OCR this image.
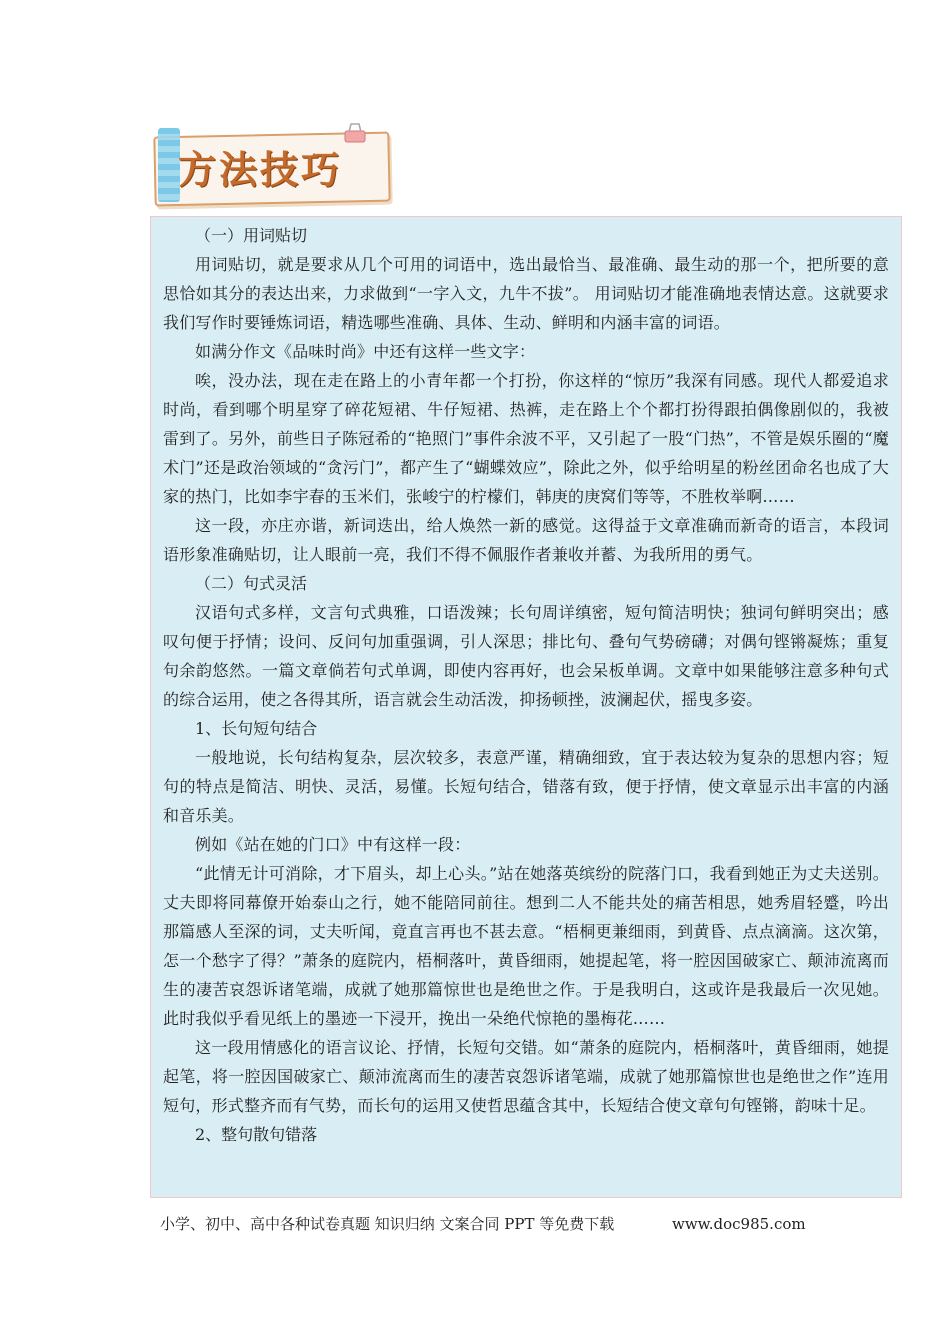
方法技巧

（一）用词贴切

用词贴切，就是要求从几个可用的词语中，选出最恰当、最准确、最生动的那一个，把所要的意思恰如其分的表达出来，力求做到“一字入文，九牛不拔”。 用词贴切才能准确地表情达意。这就要求我们写作时要锤炼词语，精选哪些准确、具体、生动、鲜明和内涵丰富的词语。

如满分作文《品味时尚》中还有这样一些文字：

唉，没办法，现在走在路上的小青年都一个打扮，你这样的“惊历”我深有同感。现代人都爱追求时尚，看到哪个明星穿了碎花短裙、牛仔短裙、热裤，走在路上个个都打扮得跟拍偶像剧似的，我被雷到了。另外，前些日子陈冠希的“艳照门”事件余波不平，又引起了一股“门热”，不管是娱乐圈的“魔术门”还是政治领域的“贪污门”，都产生了“蝴蝶效应”，除此之外，似乎给明星的粉丝团命名也成了大家的热门，比如李宇春的玉米们，张峻宁的柠檬们，韩庚的庚窝们等等，不胜枚举啊……

这一段，亦庄亦谐，新词迭出，给人焕然一新的感觉。这得益于文章准确而新奇的语言，本段词语形象准确贴切，让人眼前一亮，我们不得不佩服作者兼收并蓄、为我所用的勇气。

（二）句式灵活

汉语句式多样，文言句式典雅，口语泼辣；长句周详缜密，短句简洁明快；独词句鲜明突出；感叹句便于抒情；设问、反问句加重强调，引人深思；排比句、叠句气势磅礴；对偶句铿锵凝炼；重复句余韵悠然。一篇文章倘若句式单调，即使内容再好，也会呆板单调。文章中如果能够注意多种句式的综合运用，使之各得其所，语言就会生动活泼，抑扬顿挫，波澜起伏，摇曳多姿。

1、长句短句结合

一般地说，长句结构复杂，层次较多，表意严谨，精确细致，宜于表达较为复杂的思想内容；短句的特点是简洁、明快、灵活，易懂。长短句结合，错落有致，便于抒情，使文章显示出丰富的内涵和音乐美。

例如《站在她的门口》中有这样一段：

“此情无计可消除，才下眉头，却上心头。”站在她落英缤纷的院落门口，我看到她正为丈夫送别。丈夫即将同幕僚开始泰山之行，她不能陪同前往。想到二人不能共处的痛苦相思，她秀眉轻蹙，吟出那篇感人至深的词，丈夫听闻，竟直言再也不甚去意。“梧桐更兼细雨，到黄昏、点点滴滴。这次第，怎一个愁字了得？”萧条的庭院内，梧桐落叶，黄昏细雨，她提起笔，将一腔因国破家亡、颠沛流离而生的凄苦哀怨诉诸笔端，成就了她那篇惊世也是绝世之作。于是我明白，这或许是我最后一次见她。此时我似乎看见纸上的墨迹一下浸开，挽出一朵绝代惊艳的墨梅花……

这一段用情感化的语言议论、抒情，长短句交错。如“萧条的庭院内，梧桐落叶，黄昏细雨，她提起笔，将一腔因国破家亡、颠沛流离而生的凄苦哀怨诉诸笔端，成就了她那篇惊世也是绝世之作”连用短句，形式整齐而有气势，而长句的运用又使哲思蕴含其中，长短结合使文章句句铿锵，韵味十足。

2、整句散句错落

小学、初中、高中各种试卷真题 知识归纳 文案合同 PPT 等免费下载	www.doc985.com
